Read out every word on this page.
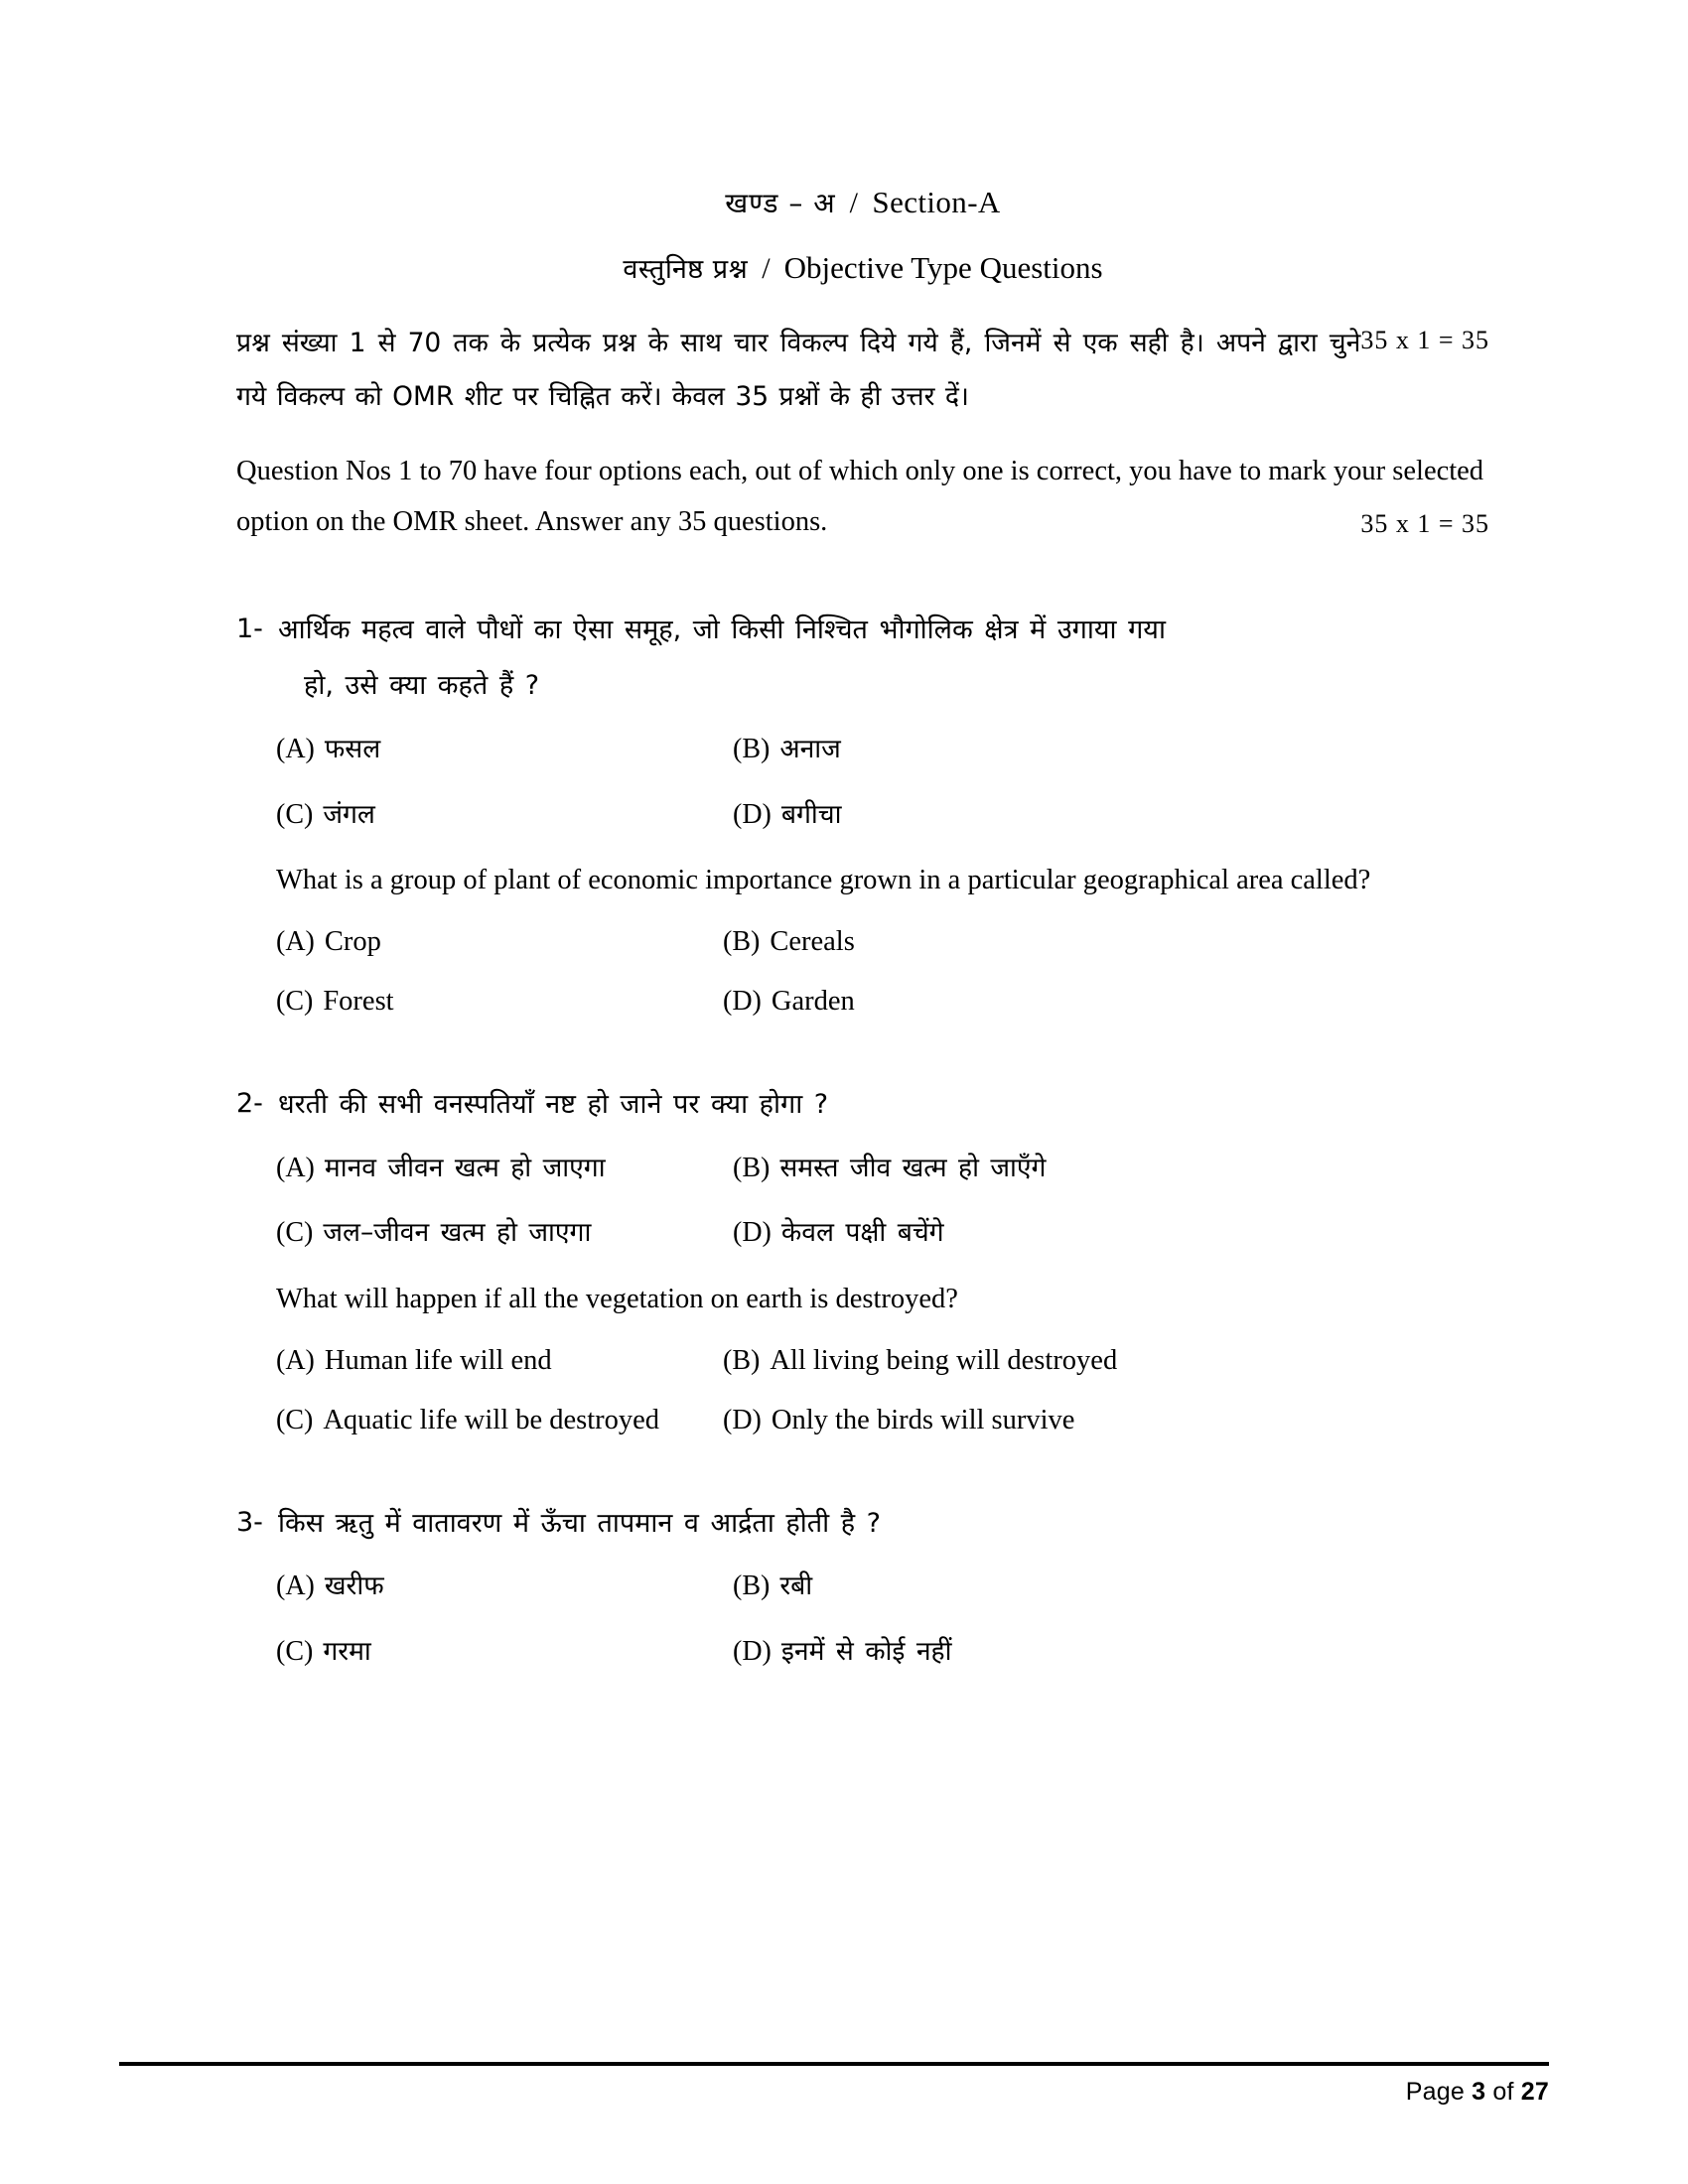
खण्ड – अ / Section-A
वस्तुनिष्ठ प्रश्न / Objective Type Questions
35 x 1 = 35
प्रश्न संख्या 1 से 70 तक के प्रत्येक प्रश्न के साथ चार विकल्प दिये गये हैं, जिनमें से एक सही है। अपने द्वारा चुने गये विकल्प को OMR शीट पर चिह्नित करें। केवल 35 प्रश्नों के ही उत्तर दें।
Question Nos 1 to 70 have four options each, out of which only one is correct, you have to mark your selected option on the OMR sheet. Answer any 35 questions.	35 x 1 = 35
1- आर्थिक महत्व वाले पौधों का ऐसा समूह, जो किसी निश्चित भौगोलिक क्षेत्र में उगाया गया
हो, उसे क्या कहते हैं ?
(A) फसल	(B) अनाज
(C) जंगल	(D) बगीचा
What is a group of plant of economic importance grown in a particular geographical area called?
(A) Crop	(B) Cereals
(C) Forest	(D) Garden
2- धरती की सभी वनस्पतियाँ नष्ट हो जाने पर क्या होगा ?
(A) मानव जीवन खत्म हो जाएगा	(B) समस्त जीव खत्म हो जाएँगे
(C) जल–जीवन खत्म हो जाएगा	(D) केवल पक्षी बचेंगे
What will happen if all the vegetation on earth is destroyed?
(A) Human life will end	(B) All living being will destroyed
(C) Aquatic life will be destroyed (D) Only the birds will survive
3- किस ऋतु में वातावरण में ऊँचा तापमान व आर्द्रता होती है ?
(A) खरीफ	(B) रबी
(C) गरमा	(D) इनमें से कोई नहीं
Page 3 of 27
